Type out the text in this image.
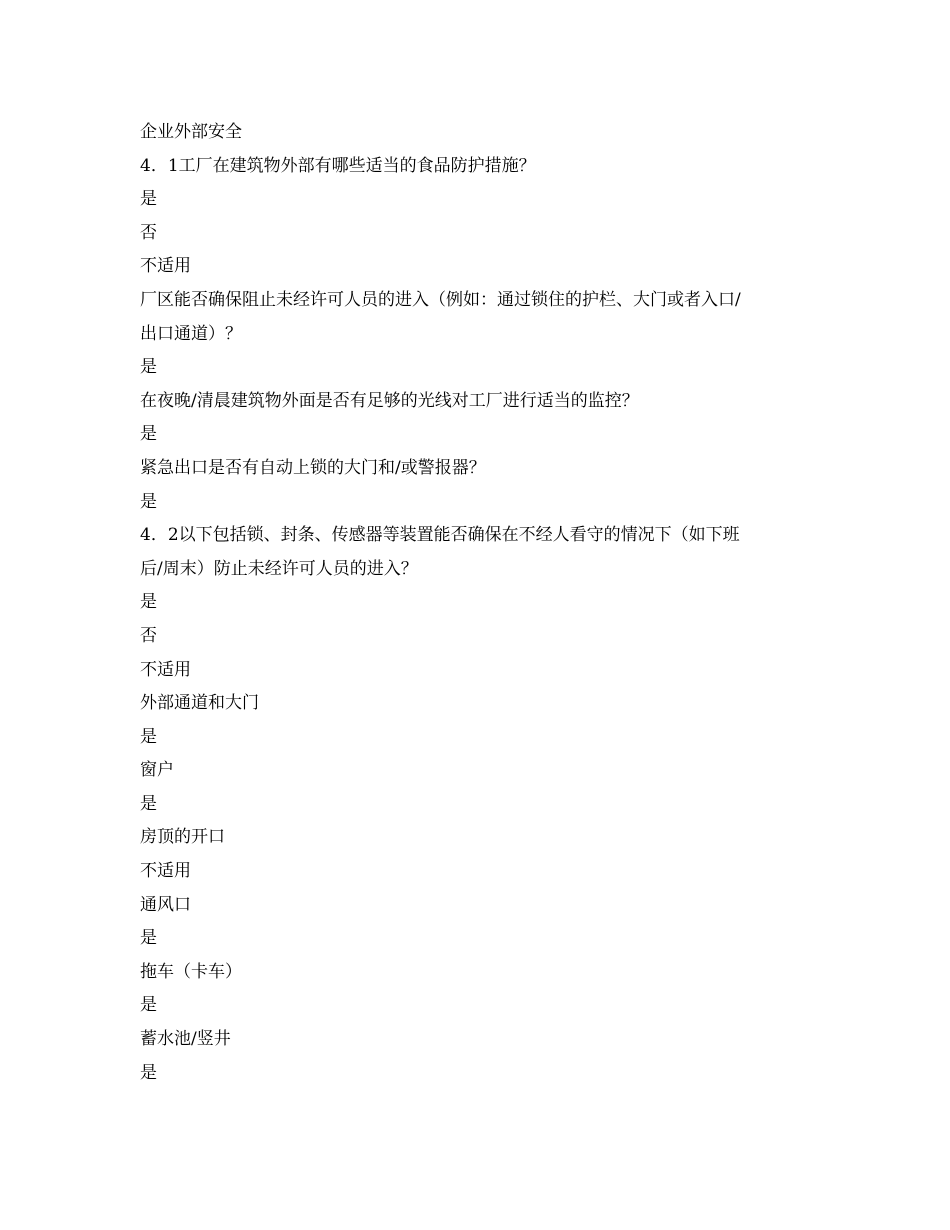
企业外部安全
4．1工厂在建筑物外部有哪些适当的食品防护措施？
是
否
不适用
厂区能否确保阻止未经许可人员的进入（例如：通过锁住的护栏、大门或者入口/
出口通道）？
是
在夜晚/清晨建筑物外面是否有足够的光线对工厂进行适当的监控？
是
紧急出口是否有自动上锁的大门和/或警报器？
是
4．2以下包括锁、封条、传感器等装置能否确保在不经人看守的情况下（如下班
后/周末）防止未经许可人员的进入？
是
否
不适用
外部通道和大门
是
窗户
是
房顶的开口
不适用
通风口
是
拖车（卡车）
是
蓄水池/竖井
是
